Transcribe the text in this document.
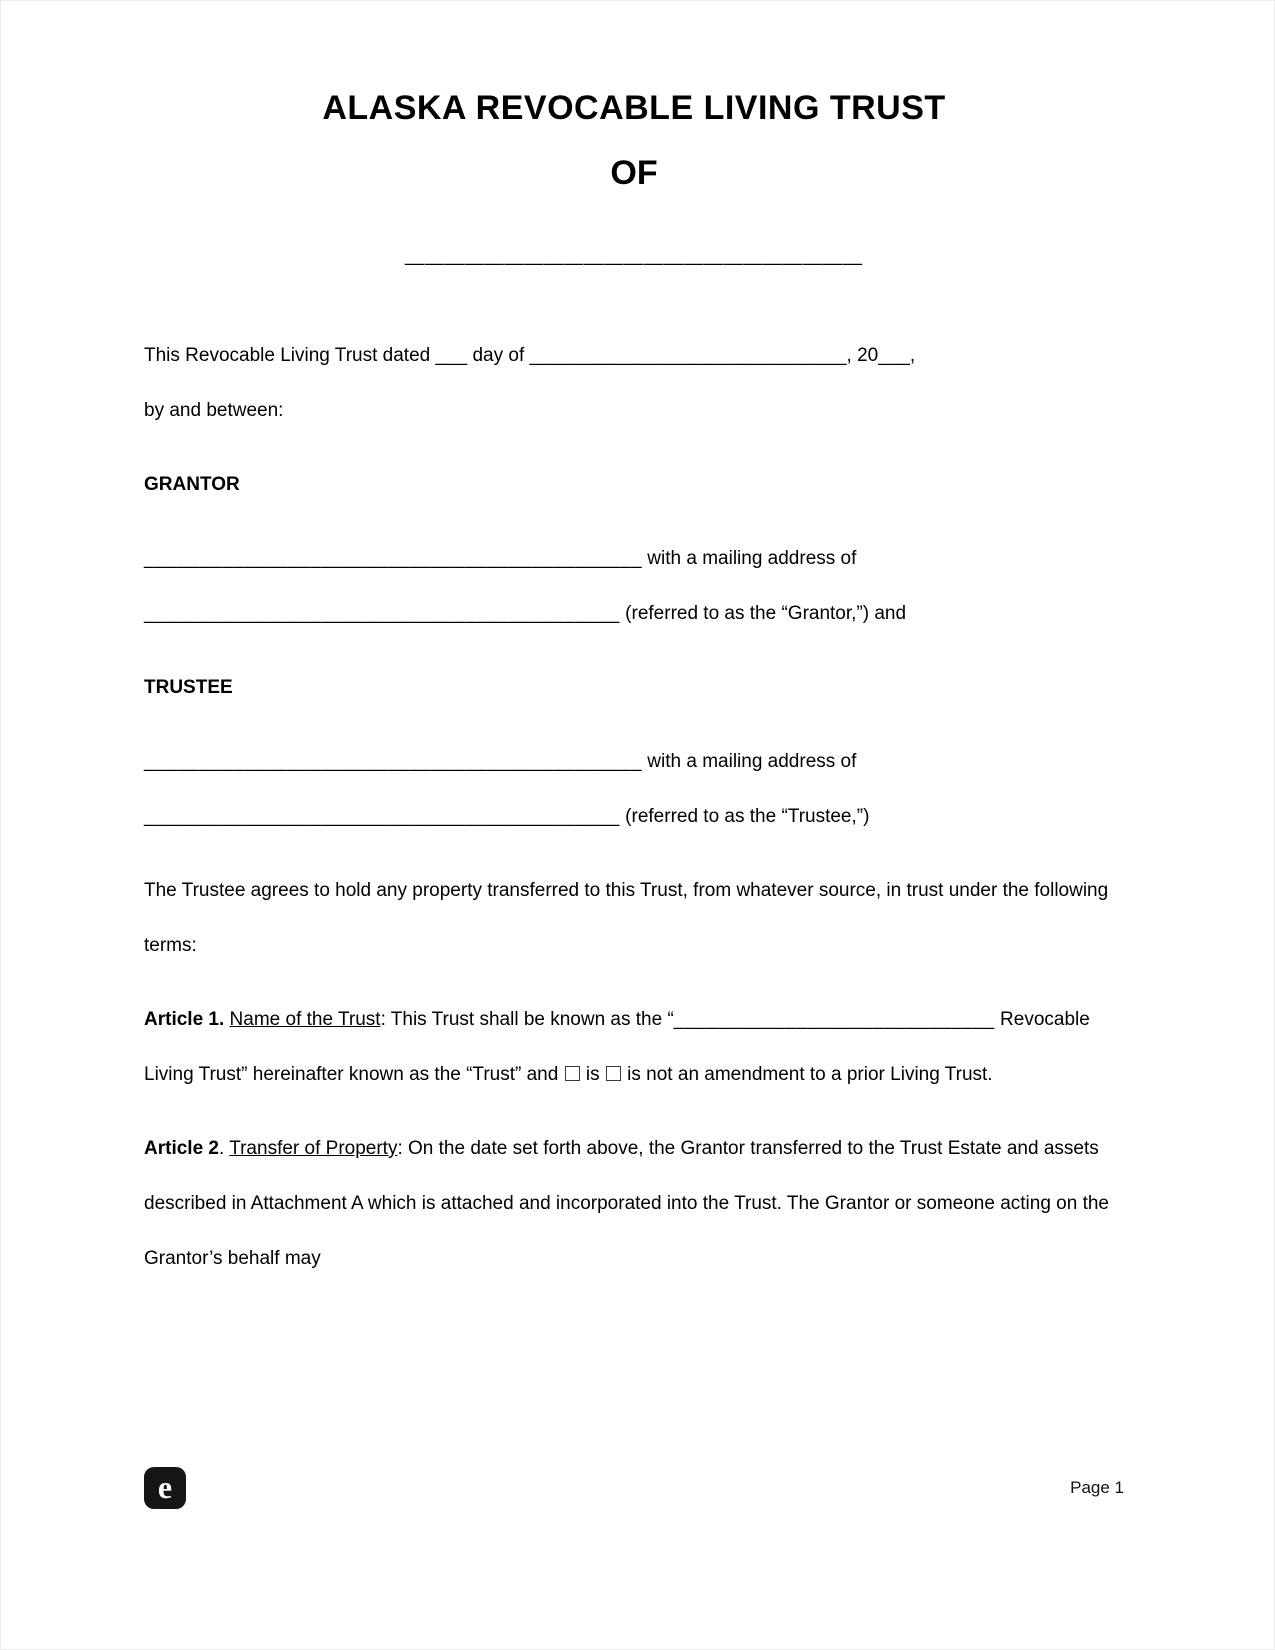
ALASKA REVOCABLE LIVING TRUST
OF
_______________________

This Revocable Living Trust dated ___ day of ______________________________, 20___,
by and between:

GRANTOR

_____________________________________________ with a mailing address of
___________________________________________ (referred to as the “Grantor,”) and

TRUSTEE

_____________________________________________ with a mailing address of
___________________________________________ (referred to as the “Trustee,”)

The Trustee agrees to hold any property transferred to this Trust, from whatever source, in trust under the following terms:

Article 1. Name of the Trust: This Trust shall be known as the “_____________________________ Revocable Living Trust” hereinafter known as the “Trust” and  is  is not an amendment to a prior Living Trust.

Article 2. Transfer of Property: On the date set forth above, the Grantor transferred to the Trust Estate and assets described in Attachment A which is attached and incorporated into the Trust. The Grantor or someone acting on the Grantor’s behalf may

e	Page 1
